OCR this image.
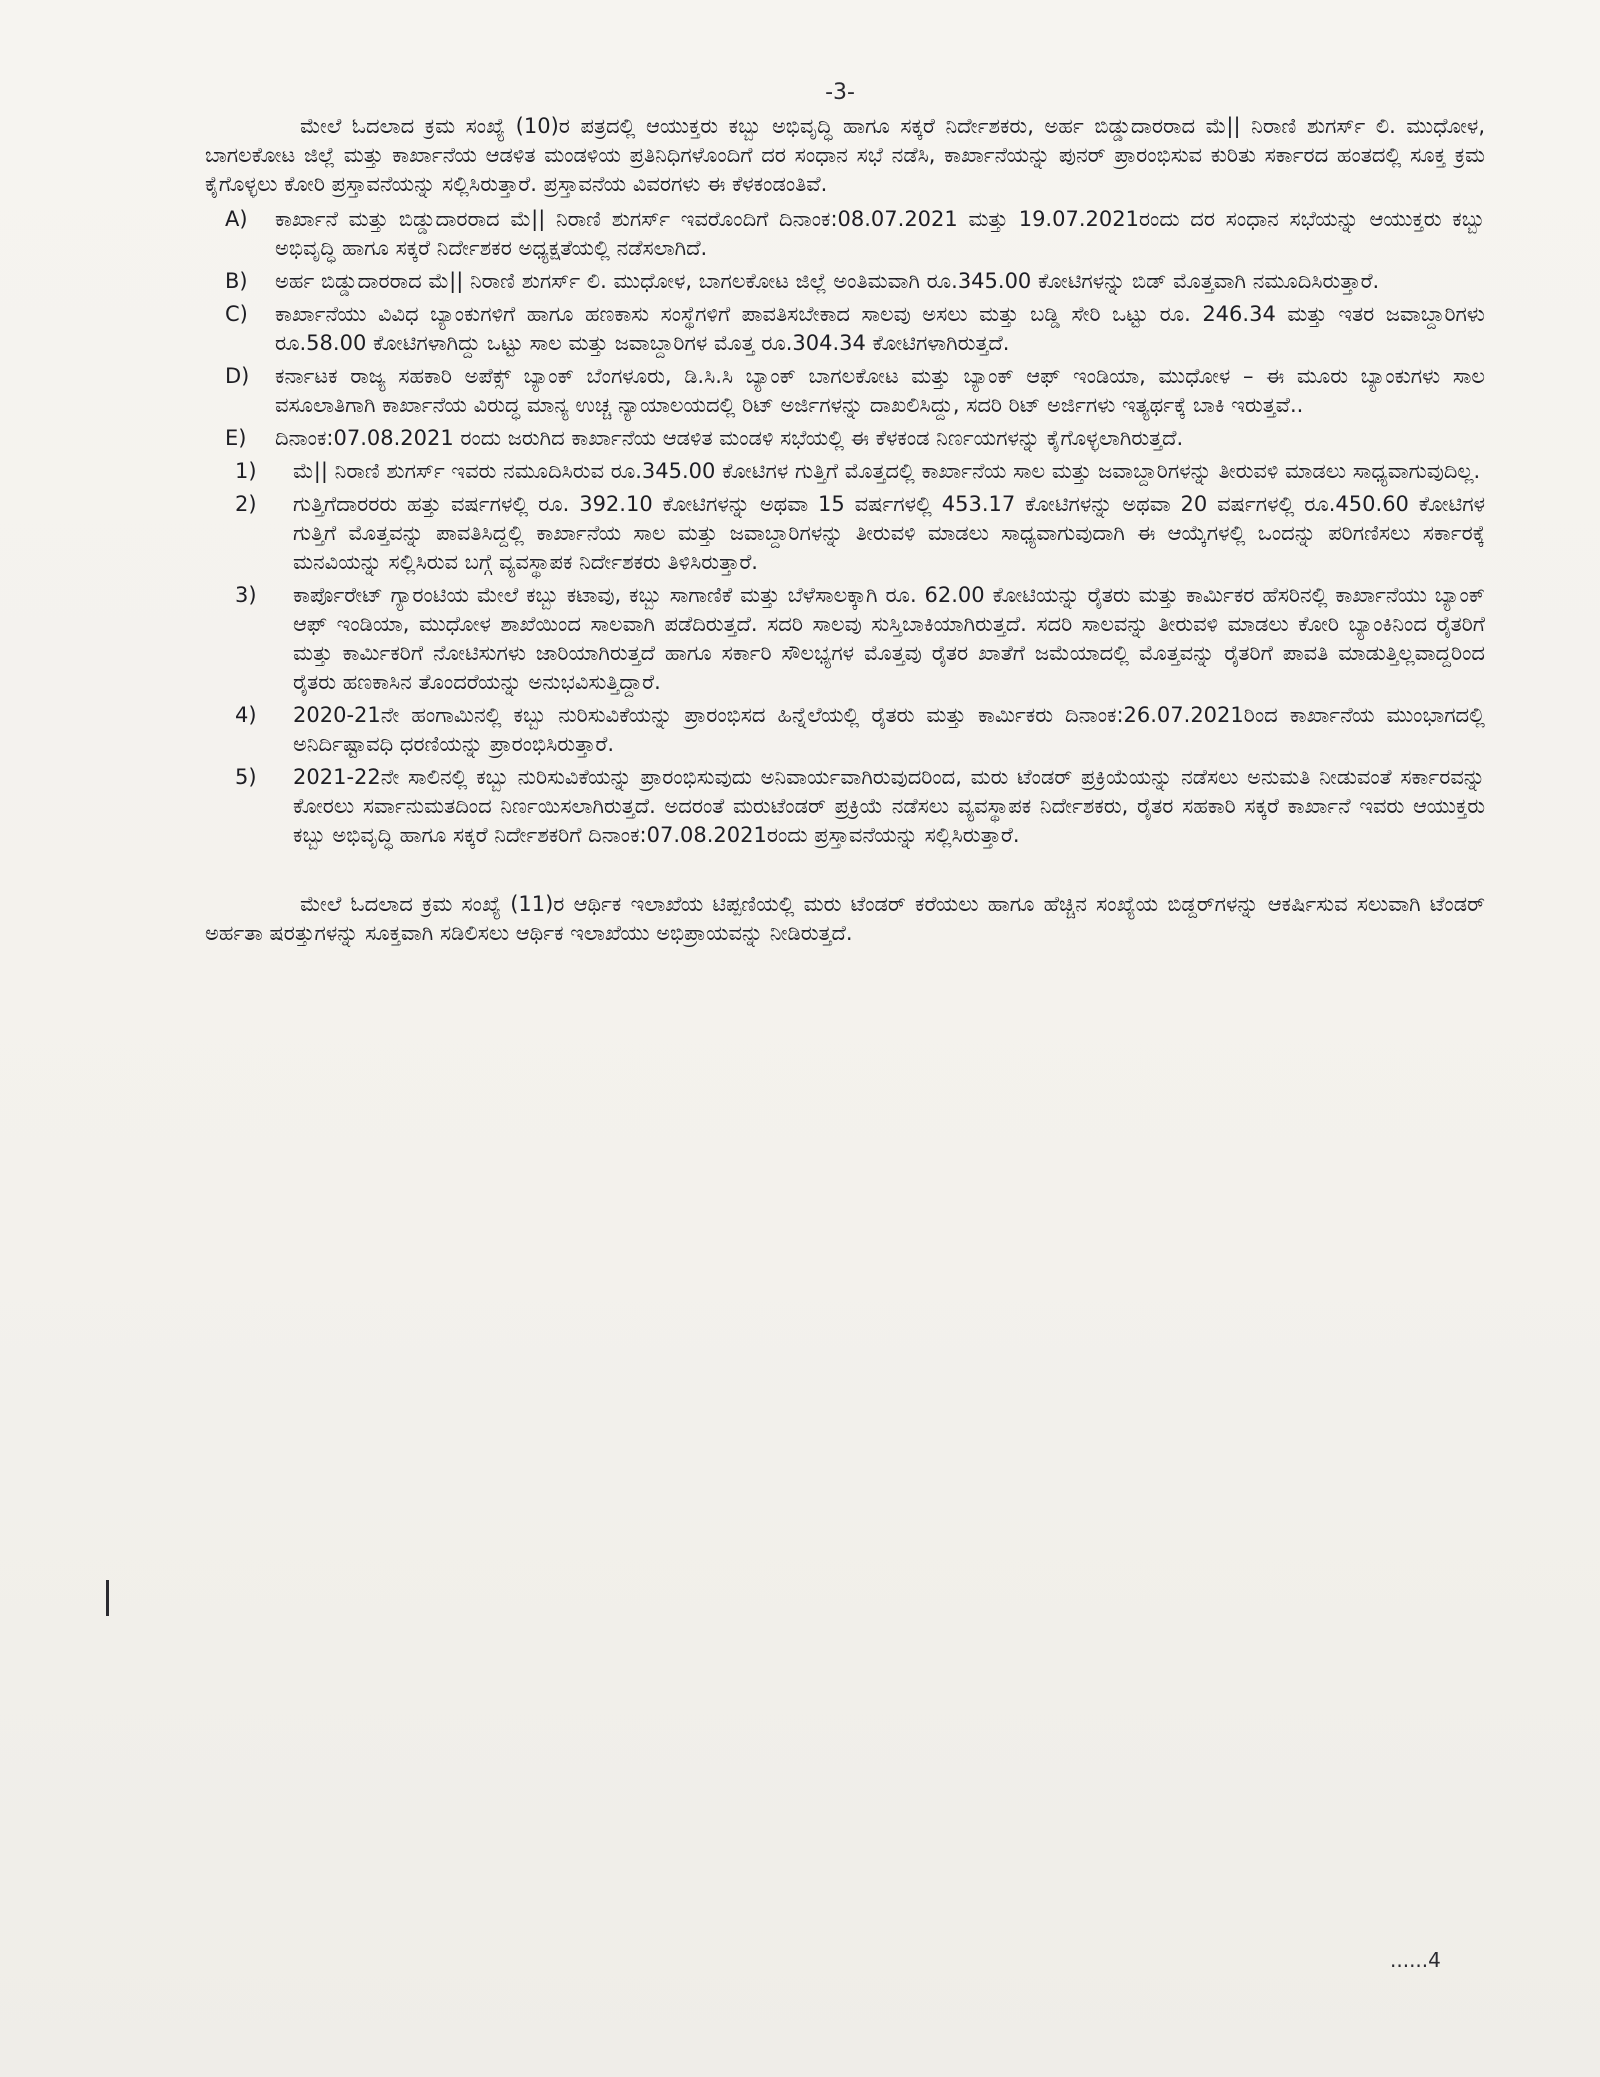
-3-

ಮೇಲೆ ಓದಲಾದ ಕ್ರಮ ಸಂಖ್ಯೆ (10)ರ ಪತ್ರದಲ್ಲಿ ಆಯುಕ್ತರು ಕಬ್ಬು ಅಭಿವೃದ್ಧಿ ಹಾಗೂ ಸಕ್ಕರೆ ನಿರ್ದೇಶಕರು, ಅರ್ಹ ಬಿಡ್ಡುದಾರರಾದ ಮೆ|| ನಿರಾಣಿ ಶುಗರ್ಸ್ ಲಿ. ಮುಧೋಳ, ಬಾಗಲಕೋಟ ಜಿಲ್ಲೆ ಮತ್ತು ಕಾರ್ಖಾನೆಯ ಆಡಳಿತ ಮಂಡಳಿಯ ಪ್ರತಿನಿಧಿಗಳೊಂದಿಗೆ ದರ ಸಂಧಾನ ಸಭೆ ನಡೆಸಿ, ಕಾರ್ಖಾನೆಯನ್ನು ಪುನರ್ ಪ್ರಾರಂಭಿಸುವ ಕುರಿತು ಸರ್ಕಾರದ ಹಂತದಲ್ಲಿ ಸೂಕ್ತ ಕ್ರಮ ಕೈಗೊಳ್ಳಲು ಕೋರಿ ಪ್ರಸ್ತಾವನೆಯನ್ನು ಸಲ್ಲಿಸಿರುತ್ತಾರೆ. ಪ್ರಸ್ತಾವನೆಯ ವಿವರಗಳು ಈ ಕೆಳಕಂಡಂತಿವೆ.

A) ಕಾರ್ಖಾನೆ ಮತ್ತು ಬಿಡ್ಡುದಾರರಾದ ಮೆ|| ನಿರಾಣಿ ಶುಗರ್ಸ್ ಇವರೊಂದಿಗೆ ದಿನಾಂಕ:08.07.2021 ಮತ್ತು 19.07.2021ರಂದು ದರ ಸಂಧಾನ ಸಭೆಯನ್ನು ಆಯುಕ್ತರು ಕಬ್ಬು ಅಭಿವೃದ್ಧಿ ಹಾಗೂ ಸಕ್ಕರೆ ನಿರ್ದೇಶಕರ ಅಧ್ಯಕ್ಷತೆಯಲ್ಲಿ ನಡೆಸಲಾಗಿದೆ.
B) ಅರ್ಹ ಬಿಡ್ಡುದಾರರಾದ ಮೆ|| ನಿರಾಣಿ ಶುಗರ್ಸ್ ಲಿ. ಮುಧೋಳ, ಬಾಗಲಕೋಟ ಜಿಲ್ಲೆ ಅಂತಿಮವಾಗಿ ರೂ.345.00 ಕೋಟಿಗಳನ್ನು ಬಿಡ್ ಮೊತ್ತವಾಗಿ ನಮೂದಿಸಿರುತ್ತಾರೆ.
C) ಕಾರ್ಖಾನೆಯು ವಿವಿಧ ಬ್ಯಾಂಕುಗಳಿಗೆ ಹಾಗೂ ಹಣಕಾಸು ಸಂಸ್ಥೆಗಳಿಗೆ ಪಾವತಿಸಬೇಕಾದ ಸಾಲವು ಅಸಲು ಮತ್ತು ಬಡ್ಡಿ ಸೇರಿ ಒಟ್ಟು ರೂ. 246.34 ಮತ್ತು ಇತರ ಜವಾಬ್ದಾರಿಗಳು ರೂ.58.00 ಕೋಟಿಗಳಾಗಿದ್ದು ಒಟ್ಟು ಸಾಲ ಮತ್ತು ಜವಾಬ್ದಾರಿಗಳ ಮೊತ್ತ ರೂ.304.34 ಕೋಟಿಗಳಾಗಿರುತ್ತದೆ.
D) ಕರ್ನಾಟಕ ರಾಜ್ಯ ಸಹಕಾರಿ ಅಪೆಕ್ಸ್ ಬ್ಯಾಂಕ್ ಬೆಂಗಳೂರು, ಡಿ.ಸಿ.ಸಿ ಬ್ಯಾಂಕ್ ಬಾಗಲಕೋಟ ಮತ್ತು ಬ್ಯಾಂಕ್ ಆಫ್ ಇಂಡಿಯಾ, ಮುಧೋಳ – ಈ ಮೂರು ಬ್ಯಾಂಕುಗಳು ಸಾಲ ವಸೂಲಾತಿಗಾಗಿ ಕಾರ್ಖಾನೆಯ ವಿರುದ್ಧ ಮಾನ್ಯ ಉಚ್ಚ ನ್ಯಾಯಾಲಯದಲ್ಲಿ ರಿಟ್ ಅರ್ಜಿಗಳನ್ನು ದಾಖಲಿಸಿದ್ದು, ಸದರಿ ರಿಟ್ ಅರ್ಜಿಗಳು ಇತ್ಯರ್ಥಕ್ಕೆ ಬಾಕಿ ಇರುತ್ತವೆ..
E) ದಿನಾಂಕ:07.08.2021 ರಂದು ಜರುಗಿದ ಕಾರ್ಖಾನೆಯ ಆಡಳಿತ ಮಂಡಳಿ ಸಭೆಯಲ್ಲಿ ಈ ಕೆಳಕಂಡ ನಿರ್ಣಯಗಳನ್ನು ಕೈಗೊಳ್ಳಲಾಗಿರುತ್ತದೆ.
1) ಮೆ|| ನಿರಾಣಿ ಶುಗರ್ಸ್ ಇವರು ನಮೂದಿಸಿರುವ ರೂ.345.00 ಕೋಟಿಗಳ ಗುತ್ತಿಗೆ ಮೊತ್ತದಲ್ಲಿ ಕಾರ್ಖಾನೆಯ ಸಾಲ ಮತ್ತು ಜವಾಬ್ದಾರಿಗಳನ್ನು ತೀರುವಳಿ ಮಾಡಲು ಸಾಧ್ಯವಾಗುವುದಿಲ್ಲ.
2) ಗುತ್ತಿಗೆದಾರರರು ಹತ್ತು ವರ್ಷಗಳಲ್ಲಿ ರೂ. 392.10 ಕೋಟಿಗಳನ್ನು ಅಥವಾ 15 ವರ್ಷಗಳಲ್ಲಿ 453.17 ಕೋಟಿಗಳನ್ನು ಅಥವಾ 20 ವರ್ಷಗಳಲ್ಲಿ ರೂ.450.60 ಕೋಟಿಗಳ ಗುತ್ತಿಗೆ ಮೊತ್ತವನ್ನು ಪಾವತಿಸಿದ್ದಲ್ಲಿ ಕಾರ್ಖಾನೆಯ ಸಾಲ ಮತ್ತು ಜವಾಬ್ದಾರಿಗಳನ್ನು ತೀರುವಳಿ ಮಾಡಲು ಸಾಧ್ಯವಾಗುವುದಾಗಿ ಈ ಆಯ್ಕೆಗಳಲ್ಲಿ ಒಂದನ್ನು ಪರಿಗಣಿಸಲು ಸರ್ಕಾರಕ್ಕೆ ಮನವಿಯನ್ನು ಸಲ್ಲಿಸಿರುವ ಬಗ್ಗೆ ವ್ಯವಸ್ಥಾಪಕ ನಿರ್ದೇಶಕರು ತಿಳಿಸಿರುತ್ತಾರೆ.
3) ಕಾರ್ಪೊರೇಟ್ ಗ್ಯಾರಂಟಿಯ ಮೇಲೆ ಕಬ್ಬು ಕಟಾವು, ಕಬ್ಬು ಸಾಗಾಣಿಕೆ ಮತ್ತು ಬೆಳೆಸಾಲಕ್ಕಾಗಿ ರೂ. 62.00 ಕೋಟಿಯನ್ನು ರೈತರು ಮತ್ತು ಕಾರ್ಮಿಕರ ಹೆಸರಿನಲ್ಲಿ ಕಾರ್ಖಾನೆಯು ಬ್ಯಾಂಕ್ ಆಫ್ ಇಂಡಿಯಾ, ಮುಧೋಳ ಶಾಖೆಯಿಂದ ಸಾಲವಾಗಿ ಪಡೆದಿರುತ್ತದೆ. ಸದರಿ ಸಾಲವು ಸುಸ್ತಿಬಾಕಿಯಾಗಿರುತ್ತದೆ. ಸದರಿ ಸಾಲವನ್ನು ತೀರುವಳಿ ಮಾಡಲು ಕೋರಿ ಬ್ಯಾಂಕಿನಿಂದ ರೈತರಿಗೆ ಮತ್ತು ಕಾರ್ಮಿಕರಿಗೆ ನೋಟಿಸುಗಳು ಜಾರಿಯಾಗಿರುತ್ತದೆ ಹಾಗೂ ಸರ್ಕಾರಿ ಸೌಲಭ್ಯಗಳ ಮೊತ್ತವು ರೈತರ ಖಾತೆಗೆ ಜಮೆಯಾದಲ್ಲಿ ಮೊತ್ತವನ್ನು ರೈತರಿಗೆ ಪಾವತಿ ಮಾಡುತ್ತಿಲ್ಲವಾದ್ದರಿಂದ ರೈತರು ಹಣಕಾಸಿನ ತೊಂದರೆಯನ್ನು ಅನುಭವಿಸುತ್ತಿದ್ದಾರೆ.
4) 2020-21ನೇ ಹಂಗಾಮಿನಲ್ಲಿ ಕಬ್ಬು ನುರಿಸುವಿಕೆಯನ್ನು ಪ್ರಾರಂಭಿಸದ ಹಿನ್ನೆಲೆಯಲ್ಲಿ ರೈತರು ಮತ್ತು ಕಾರ್ಮಿಕರು ದಿನಾಂಕ:26.07.2021ರಿಂದ ಕಾರ್ಖಾನೆಯ ಮುಂಭಾಗದಲ್ಲಿ ಅನಿರ್ದಿಷ್ಟಾವಧಿ ಧರಣಿಯನ್ನು ಪ್ರಾರಂಭಿಸಿರುತ್ತಾರೆ.
5) 2021-22ನೇ ಸಾಲಿನಲ್ಲಿ ಕಬ್ಬು ನುರಿಸುವಿಕೆಯನ್ನು ಪ್ರಾರಂಭಿಸುವುದು ಅನಿವಾರ್ಯವಾಗಿರುವುದರಿಂದ, ಮರು ಟೆಂಡರ್ ಪ್ರಕ್ರಿಯೆಯನ್ನು ನಡೆಸಲು ಅನುಮತಿ ನೀಡುವಂತೆ ಸರ್ಕಾರವನ್ನು ಕೋರಲು ಸರ್ವಾನುಮತದಿಂದ ನಿರ್ಣಯಿಸಲಾಗಿರುತ್ತದೆ. ಅದರಂತೆ ಮರುಟೆಂಡರ್ ಪ್ರಕ್ರಿಯೆ ನಡೆಸಲು ವ್ಯವಸ್ಥಾಪಕ ನಿರ್ದೇಶಕರು, ರೈತರ ಸಹಕಾರಿ ಸಕ್ಕರೆ ಕಾರ್ಖಾನೆ ಇವರು ಆಯುಕ್ತರು ಕಬ್ಬು ಅಭಿವೃದ್ಧಿ ಹಾಗೂ ಸಕ್ಕರೆ ನಿರ್ದೇಶಕರಿಗೆ ದಿನಾಂಕ:07.08.2021ರಂದು ಪ್ರಸ್ತಾವನೆಯನ್ನು ಸಲ್ಲಿಸಿರುತ್ತಾರೆ.

ಮೇಲೆ ಓದಲಾದ ಕ್ರಮ ಸಂಖ್ಯೆ (11)ರ ಆರ್ಥಿಕ ಇಲಾಖೆಯ ಟಿಪ್ಪಣಿಯಲ್ಲಿ ಮರು ಟೆಂಡರ್ ಕರೆಯಲು ಹಾಗೂ ಹೆಚ್ಚಿನ ಸಂಖ್ಯೆಯ ಬಿಡ್ದರ್‌ಗಳನ್ನು ಆಕರ್ಷಿಸುವ ಸಲುವಾಗಿ ಟೆಂಡರ್ ಅರ್ಹತಾ ಷರತ್ತುಗಳನ್ನು ಸೂಕ್ತವಾಗಿ ಸಡಿಲಿಸಲು ಆರ್ಥಿಕ ಇಲಾಖೆಯು ಅಭಿಪ್ರಾಯವನ್ನು ನೀಡಿರುತ್ತದೆ.

......4
